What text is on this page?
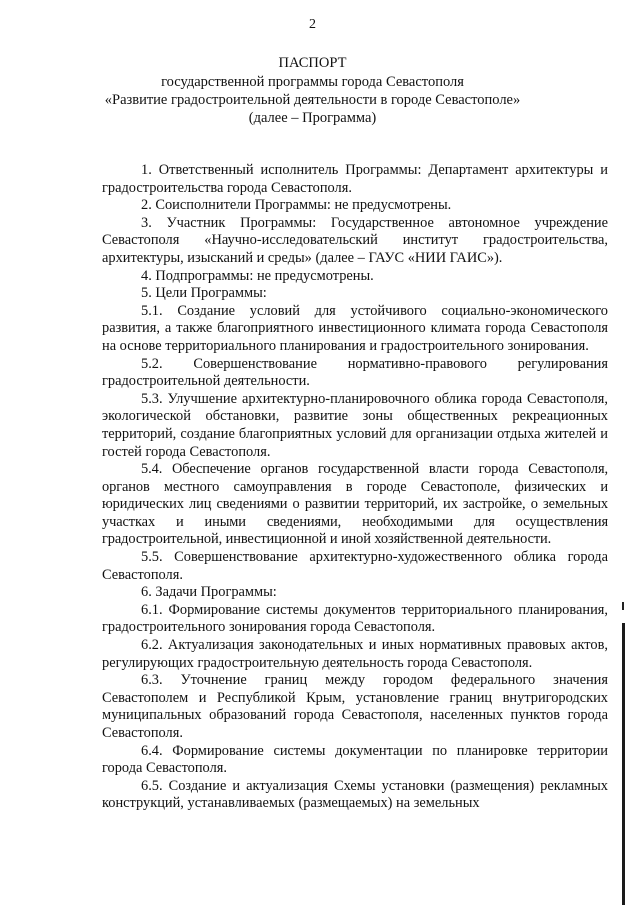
2
ПАСПОРТ
государственной программы города Севастополя
«Развитие градостроительной деятельности в городе Севастополе»
(далее – Программа)

1. Ответственный исполнитель Программы: Департамент архитектуры и градостроительства города Севастополя.

2. Соисполнители Программы: не предусмотрены.

3. Участник Программы: Государственное автономное учреждение Севастополя «Научно-исследовательский институт градостроительства, архитектуры, изысканий и среды» (далее – ГАУС «НИИ ГАИС»).

4. Подпрограммы: не предусмотрены.

5. Цели Программы:

5.1. Создание условий для устойчивого социально-экономического развития, а также благоприятного инвестиционного климата города Севастополя на основе территориального планирования и градостроительного зонирования.

5.2. Совершенствование нормативно-правового регулирования градостроительной деятельности.

5.3. Улучшение архитектурно-планировочного облика города Севастополя, экологической обстановки, развитие зоны общественных рекреационных территорий, создание благоприятных условий для организации отдыха жителей и гостей города Севастополя.

5.4. Обеспечение органов государственной власти города Севастополя, органов местного самоуправления в городе Севастополе, физических и юридических лиц сведениями о развитии территорий, их застройке, о земельных участках и иными сведениями, необходимыми для осуществления градостроительной, инвестиционной и иной хозяйственной деятельности.

5.5. Совершенствование архитектурно-художественного облика города Севастополя.

6. Задачи Программы:

6.1. Формирование системы документов территориального планирования, градостроительного зонирования города Севастополя.

6.2. Актуализация законодательных и иных нормативных правовых актов, регулирующих градостроительную деятельность города Севастополя.

6.3. Уточнение границ между городом федерального значения Севастополем и Республикой Крым, установление границ внутригородских муниципальных образований города Севастополя, населенных пунктов города Севастополя.

6.4. Формирование системы документации по планировке территории города Севастополя.

6.5. Создание и актуализация Схемы установки (размещения) рекламных конструкций, устанавливаемых (размещаемых) на земельных
